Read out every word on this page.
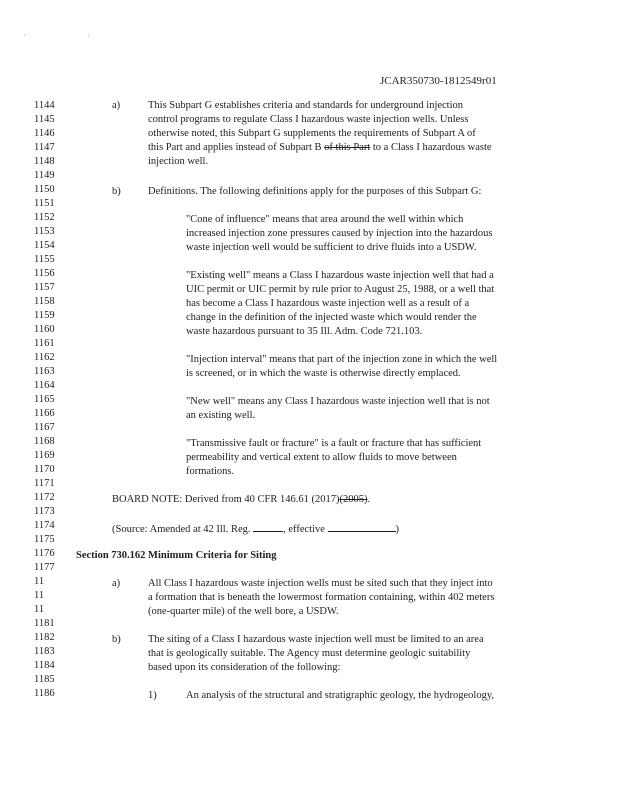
' '
JCAR350730-1812549r01
1144
1145
1146
1147
1148
1149
1150
1151
1152
1153
1154
1155
1156
1157
1158
1159
1160
1161
1162
1163
1164
1165
1166
1167
1168
1169
1170
1171
1172
1173
1174
1175
1176
1177
11
11
11
1181
1182
1183
1184
1185
1186
a)	This Subpart G establishes criteria and standards for underground injection
control programs to regulate Class I hazardous waste injection wells. Unless
otherwise noted, this Subpart G supplements the requirements of Subpart A of
this Part and applies instead of Subpart B of this Part to a Class I hazardous waste
injection well.
b)	Definitions. The following definitions apply for the purposes of this Subpart G:
"Cone of influence" means that area around the well within which
increased injection zone pressures caused by injection into the hazardous
waste injection well would be sufficient to drive fluids into a USDW.
"Existing well" means a Class I hazardous waste injection well that had a
UIC permit or UIC permit by rule prior to August 25, 1988, or a well that
has become a Class I hazardous waste injection well as a result of a
change in the definition of the injected waste which would render the
waste hazardous pursuant to 35 Ill. Adm. Code 721.103.
"Injection interval" means that part of the injection zone in which the well
is screened, or in which the waste is otherwise directly emplaced.
"New well" means any Class I hazardous waste injection well that is not
an existing well.
"Transmissive fault or fracture" is a fault or fracture that has sufficient
permeability and vertical extent to allow fluids to move between
formations.
BOARD NOTE: Derived from 40 CFR 146.61 (2017)(2005).
(Source: Amended at 42 Ill. Reg.	, effective	)
Section 730.162 Minimum Criteria for Siting
a)	All Class I hazardous waste injection wells must be sited such that they inject into
a formation that is beneath the lowermost formation containing, within 402 meters
(one-quarter mile) of the well bore, a USDW.
b)	The siting of a Class I hazardous waste injection well must be limited to an area
that is geologically suitable. The Agency must determine geologic suitability
based upon its consideration of the following:
1)	An analysis of the structural and stratigraphic geology, the hydrogeology,
